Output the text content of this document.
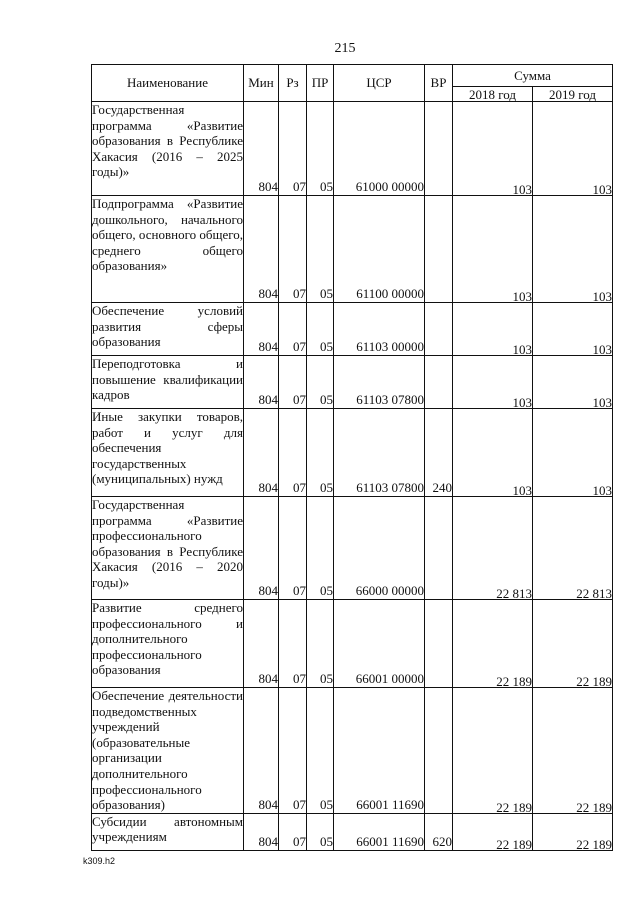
215
Наименование	Мин	Рз	ПР	ЦСР	ВР	Сумма	
						2018 год	2019 год
Государственная программа «Развитие образования в Республике Хакасия (2016 – 2025 годы)»	804	07	05	61000 00000		103	103
Подпрограмма «Развитие дошкольного, начального общего, основного общего, среднего общего образования»	804	07	05	61100 00000		103	103
Обеспечение условий развития сферы образования	804	07	05	61103 00000		103	103
Переподготовка и повышение квалификации кадров	804	07	05	61103 07800		103	103
Иные закупки товаров, работ и услуг для обеспечения государственных (муниципальных) нужд	804	07	05	61103 07800	240	103	103
Государственная программа «Развитие профессионального образования в Республике Хакасия (2016 – 2020 годы)»	804	07	05	66000 00000		22 813	22 813
Развитие среднего профессионального и дополнительного профессионального образования	804	07	05	66001 00000		22 189	22 189
Обеспечение деятельности подведомственных учреждений (образовательные организации дополнительного профессионального образования)	804	07	05	66001 11690		22 189	22 189
Субсидии автономным учреждениям	804	07	05	66001 11690	620	22 189	22 189
k309.h2
